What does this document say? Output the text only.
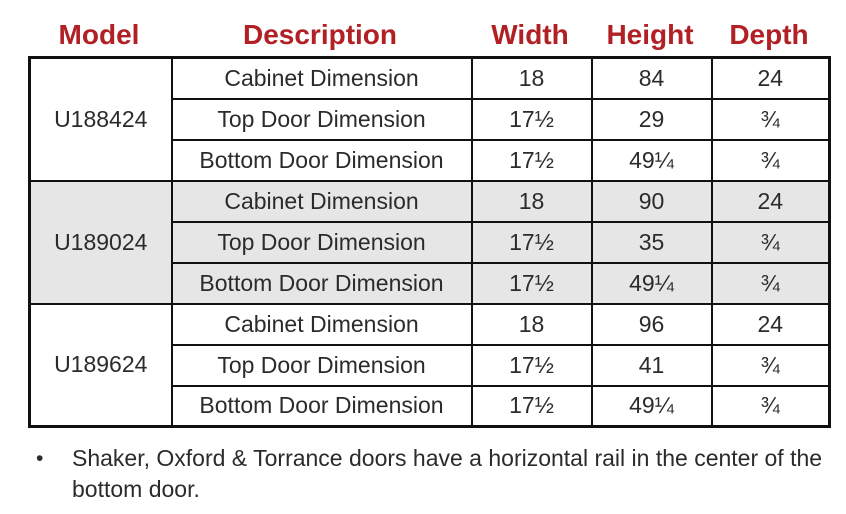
Model	Description	Width	Height	Depth
U188424	Cabinet Dimension	18	84	24
	Top Door Dimension	17½	29	¾
	Bottom Door Dimension	17½	49¼	¾
U189024	Cabinet Dimension	18	90	24
	Top Door Dimension	17½	35	¾
	Bottom Door Dimension	17½	49¼	¾
U189624	Cabinet Dimension	18	96	24
	Top Door Dimension	17½	41	¾
	Bottom Door Dimension	17½	49¼	¾
•	Shaker, Oxford & Torrance doors have a horizontal rail in the center of the bottom door.
